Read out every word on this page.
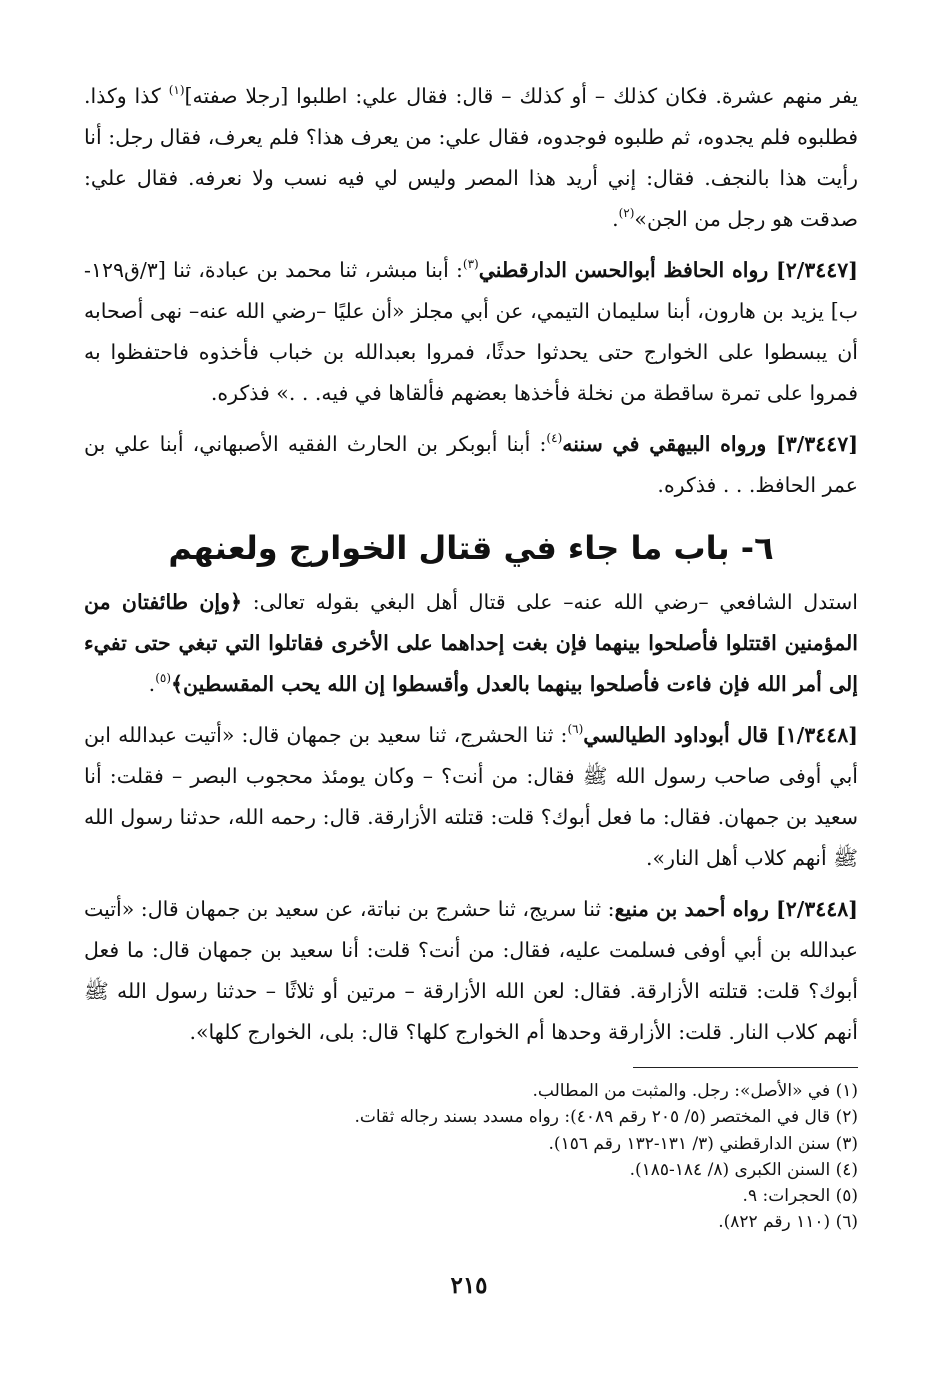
يفر منهم عشرة. فكان كذلك – أو كذلك – قال: فقال علي: اطلبوا [رجلا صفته]$^{(١)}$ كذا وكذا. فطلبوه فلم يجدوه، ثم طلبوه فوجدوه، فقال علي: من يعرف هذا؟ فلم يعرف، فقال رجل: أنا رأيت هذا بالنجف. فقال: إني أريد هذا المصر وليس لي فيه نسب ولا نعرفه. فقال علي: صدقت هو رجل من الجن»$^{(٢)}$.

[٢/٣٤٤٧] رواه الحافظ أبوالحسن الدارقطني$^{(٣)}$: أبنا مبشر، ثنا محمد بن عبادة، ثنا [٣/ق١٢٩-ب] يزيد بن هارون، أبنا سليمان التيمي، عن أبي مجلز «أن عليًا –رضي الله عنه– نهى أصحابه أن يبسطوا على الخوارج حتى يحدثوا حدثًا، فمروا بعبدالله بن خباب فأخذوه فاحتفظوا به فمروا على تمرة ساقطة من نخلة فأخذها بعضهم فألقاها في فيه. . .» فذكره.

[٣/٣٤٤٧] ورواه البيهقي في سننه$^{(٤)}$: أبنا أبوبكر بن الحارث الفقيه الأصبهاني، أبنا علي بن عمر الحافظ. . . فذكره.

٦- باب ما جاء في قتال الخوارج ولعنهم

استدل الشافعي –رضي الله عنه– على قتال أهل البغي بقوله تعالى: ﴿وإن طائفتان من المؤمنين اقتتلوا فأصلحوا بينهما فإن بغت إحداهما على الأخرى فقاتلوا التي تبغي حتى تفيء إلى أمر الله فإن فاءت فأصلحوا بينهما بالعدل وأقسطوا إن الله يحب المقسطين﴾$^{(٥)}$.

[١/٣٤٤٨] قال أبوداود الطيالسي$^{(٦)}$: ثنا الحشرج، ثنا سعيد بن جمهان قال: «أتيت عبدالله ابن أبي أوفى صاحب رسول الله ﷺ فقال: من أنت؟ – وكان يومئذ محجوب البصر – فقلت: أنا سعيد بن جمهان. فقال: ما فعل أبوك؟ قلت: قتلته الأزارقة. قال: رحمه الله، حدثنا رسول الله ﷺ أنهم كلاب أهل النار».

[٢/٣٤٤٨] رواه أحمد بن منيع: ثنا سريج، ثنا حشرج بن نباتة، عن سعيد بن جمهان قال: «أتيت عبدالله بن أبي أوفى فسلمت عليه، فقال: من أنت؟ قلت: أنا سعيد بن جمهان قال: ما فعل أبوك؟ قلت: قتلته الأزارقة. فقال: لعن الله الأزارقة – مرتين أو ثلاثًا – حدثنا رسول الله ﷺ أنهم كلاب النار. قلت: الأزارقة وحدها أم الخوارج كلها؟ قال: بلى، الخوارج كلها».

(١) في «الأصل»: رجل. والمثبت من المطالب.
(٢) قال في المختصر (٥/ ٢٠٥ رقم ٤٠٨٩): رواه مسدد بسند رجاله ثقات.
(٣) سنن الدارقطني (٣/ ١٣١-١٣٢ رقم ١٥٦).
(٤) السنن الكبرى (٨/ ١٨٤-١٨٥).
(٥) الحجرات: ٩.
(٦) (١١٠ رقم ٨٢٢).
٢١٥
